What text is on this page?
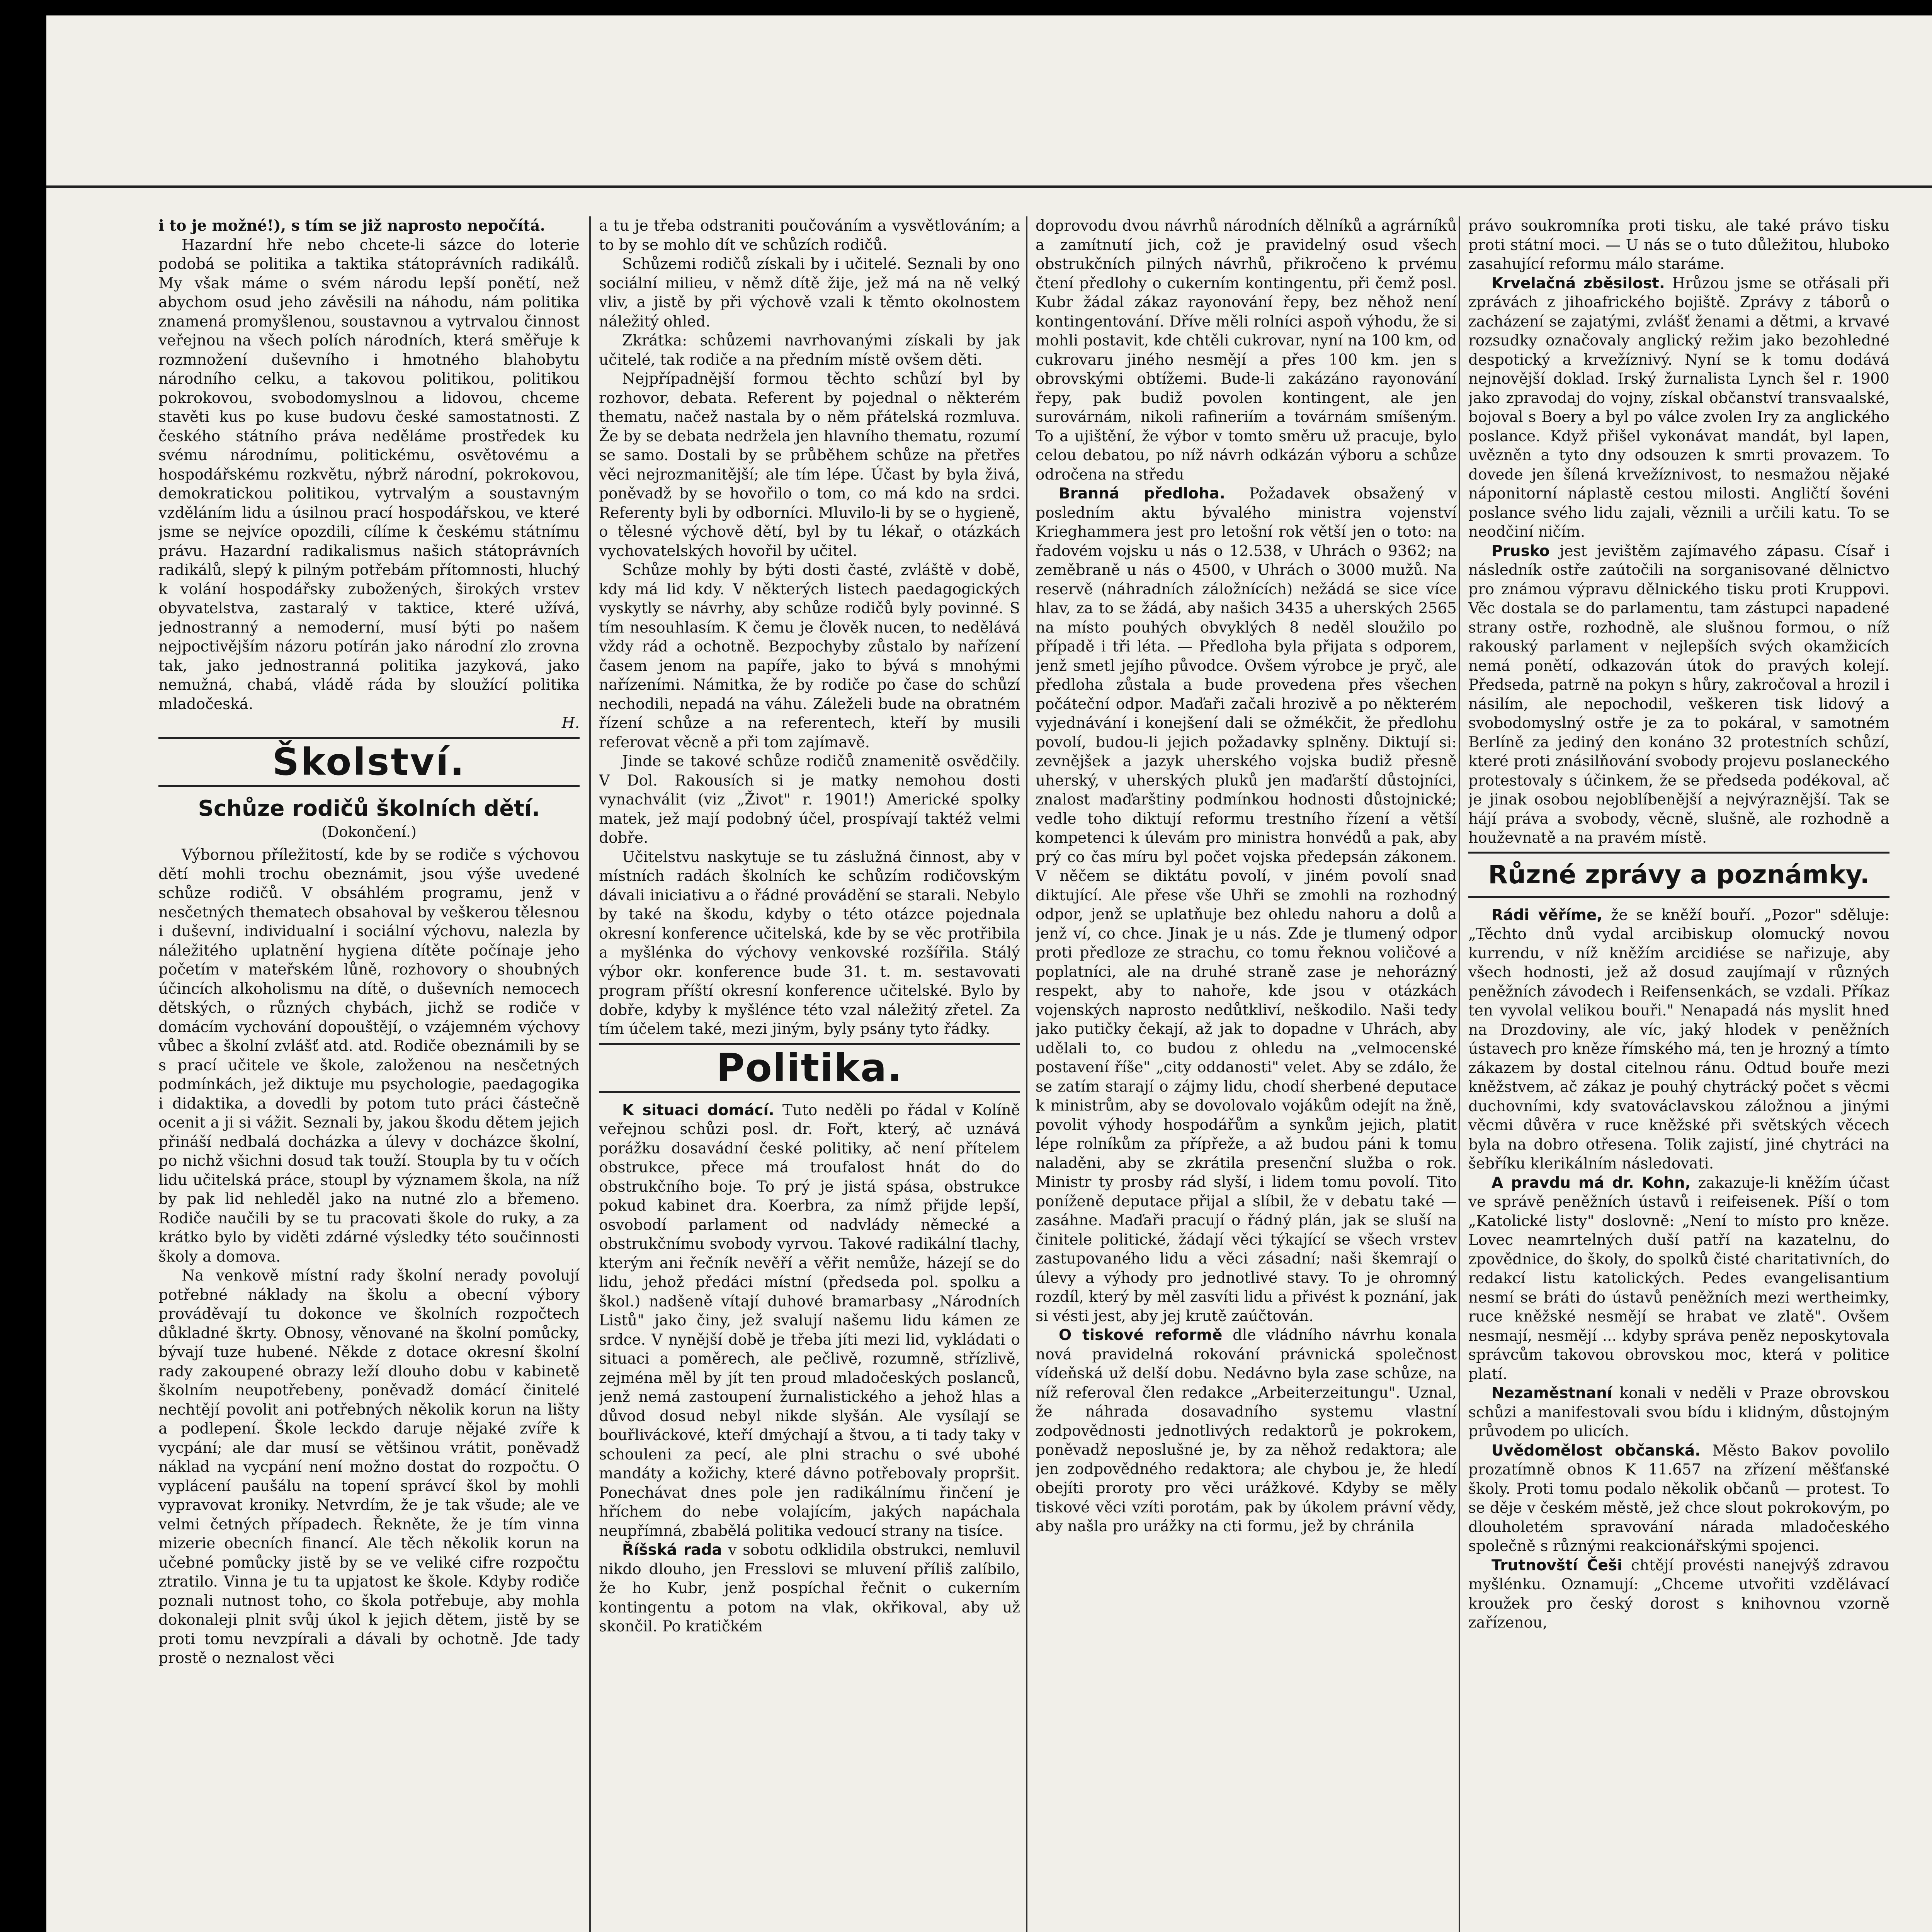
i to je možné!), s tím se již naprosto nepočítá.

Hazardní hře nebo chcete-li sázce do loterie podobá se politika a taktika státoprávních radikálů. My však máme o svém národu lepší ponětí, než abychom osud jeho závěsili na náhodu, nám politika znamená promyšlenou, soustavnou a vytrvalou činnost veřejnou na všech polích národních, která směřuje k rozmnožení duševního i hmotného blahobytu národního celku, a takovou politikou, politikou pokrokovou, svobodomyslnou a lidovou, chceme stavěti kus po kuse budovu české samostatnosti. Z českého státního práva neděláme prostředek ku svému národnímu, politickému, osvětovému a hospodářskému rozkvětu, nýbrž národní, pokrokovou, demokratickou politikou, vytrvalým a soustavným vzděláním lidu a úsilnou prací hospodářskou, ve které jsme se nejvíce opozdili, cílíme k českému státnímu právu. Hazardní radikalismus našich státoprávních radikálů, slepý k pilným potřebám přítomnosti, hluchý k volání hospodářsky zubožených, širokých vrstev obyvatelstva, zastaralý v taktice, které užívá, jednostranný a nemoderní, musí býti po našem nejpoctivějším názoru potírán jako národní zlo zrovna tak, jako jednostranná politika jazyková, jako nemužná, chabá, vládě ráda by sloužící politika mladočeská.

H.

Školství.
Schůze rodičů školních dětí.
(Dokončení.)

Výbornou příležitostí, kde by se rodiče s výchovou dětí mohli trochu obeznámit, jsou výše uvedené schůze rodičů. V obsáhlém programu, jenž v nesčetných thematech obsahoval by veškerou tělesnou i duševní, individualní i sociální výchovu, nalezla by náležitého uplatnění hygiena dítěte počínaje jeho početím v mateřském lůně, rozhovory o shoubných účincích alkoholismu na dítě, o duševních nemocech dětských, o různých chybách, jichž se rodiče v domácím vychování dopouštějí, o vzájemném výchovy vůbec a školní zvlášť atd. atd. Rodiče obeznámili by se s prací učitele ve škole, založenou na nesčetných podmínkách, jež diktuje mu psychologie, paedagogika i didaktika, a dovedli by potom tuto práci částečně ocenit a ji si vážit. Seznali by, jakou škodu dětem jejich přináší nedbalá docházka a úlevy v docházce školní, po nichž všichni dosud tak touží. Stoupla by tu v očích lidu učitelská práce, stoupl by významem škola, na níž by pak lid nehleděl jako na nutné zlo a břemeno. Rodiče naučili by se tu pracovati škole do ruky, a za krátko bylo by viděti zdárné výsledky této součinnosti školy a domova.

Na venkově místní rady školní nerady povolují potřebné náklady na školu a obecní výbory prováděvají tu dokonce ve školních rozpočtech důkladné škrty. Obnosy, věnované na školní pomůcky, bývají tuze hubené. Někde z dotace okresní školní rady zakoupené obrazy leží dlouho dobu v kabinetě školním neupotřebeny, poněvadž domácí činitelé nechtějí povolit ani potřebných několik korun na lišty a podlepení. Škole leckdo daruje nějaké zvíře k vycpání; ale dar musí se většinou vrátit, poněvadž náklad na vycpání není možno dostat do rozpočtu. O vyplácení paušálu na topení správcí škol by mohli vypravovat kroniky. Netvrdím, že je tak všude; ale ve velmi četných případech. Řekněte, že je tím vinna mizerie obecních financí. Ale těch několik korun na učebné pomůcky jistě by se ve veliké cifre rozpočtu ztratilo. Vinna je tu ta upjatost ke škole. Kdyby rodiče poznali nutnost toho, co škola potřebuje, aby mohla dokonaleji plnit svůj úkol k jejich dětem, jistě by se proti tomu nevzpírali a dávali by ochotně. Jde tady prostě o neznalost věci

a tu je třeba odstraniti poučováním a vysvětlováním; a to by se mohlo dít ve schůzích rodičů.

Schůzemi rodičů získali by i učitelé. Seznali by ono sociální milieu, v němž dítě žije, jež má na ně velký vliv, a jistě by při výchově vzali k těmto okolnostem náležitý ohled.

Zkrátka: schůzemi navrhovanými získali by jak učitelé, tak rodiče a na předním místě ovšem děti.

Nejpřípadnější formou těchto schůzí byl by rozhovor, debata. Referent by pojednal o některém thematu, načež nastala by o něm přátelská rozmluva. Že by se debata nedržela jen hlavního thematu, rozumí se samo. Dostali by se průběhem schůze na přetřes věci nejrozmanitější; ale tím lépe. Účast by byla živá, poněvadž by se hovořilo o tom, co má kdo na srdci. Referenty byli by odborníci. Mluvilo-li by se o hygieně, o tělesné výchově dětí, byl by tu lékař, o otázkách vychovatelských hovořil by učitel.

Schůze mohly by býti dosti časté, zvláště v době, kdy má lid kdy. V některých listech paedagogických vyskytly se návrhy, aby schůze rodičů byly povinné. S tím nesouhlasím. K čemu je člověk nucen, to nedělává vždy rád a ochotně. Bezpochyby zůstalo by nařízení časem jenom na papíře, jako to bývá s mnohými nařízeními. Námitka, že by rodiče po čase do schůzí nechodili, nepadá na váhu. Záleželi bude na obratném řízení schůze a na referentech, kteří by musili referovat věcně a při tom zajímavě.

Jinde se takové schůze rodičů znamenitě osvědčily. V Dol. Rakousích si je matky nemohou dosti vynachválit (viz „Život" r. 1901!) Americké spolky matek, jež mají podobný účel, prospívají taktéž velmi dobře.

Učitelstvu naskytuje se tu záslužná činnost, aby v místních radách školních ke schůzím rodičovským dávali iniciativu a o řádné provádění se starali. Nebylo by také na škodu, kdyby o této otázce pojednala okresní konference učitelská, kde by se věc protřibila a myšlénka do výchovy venkovské rozšířila. Stálý výbor okr. konference bude 31. t. m. sestavovati program příští okresní konference učitelské. Bylo by dobře, kdyby k myšlénce této vzal náležitý zřetel. Za tím účelem také, mezi jiným, byly psány tyto řádky.

Politika.

K situaci domácí. Tuto neděli po řádal v Kolíně veřejnou schůzi posl. dr. Fořt, který, ač uznává porážku dosavádní české politiky, ač není přítelem obstrukce, přece má troufalost hnát do do obstrukčního boje. To prý je jistá spása, obstrukce pokud kabinet dra. Koerbra, za nímž přijde lepší, osvobodí parlament od nadvlády německé a obstrukčnímu svobody vyrvou. Takové radikální tlachy, kterým ani řečník nevěří a věřit nemůže, házejí se do lidu, jehož předáci místní (předseda pol. spolku a škol.) nadšeně vítají duhové bramarbasy „Národních Listů" jako činy, jež svalují našemu lidu kámen ze srdce. V nynější době je třeba jíti mezi lid, vykládati o situaci a poměrech, ale pečlivě, rozumně, střízlivě, zejména měl by jít ten proud mladočeských poslanců, jenž nemá zastoupení žurnalistického a jehož hlas a důvod dosud nebyl nikde slyšán. Ale vysílají se bouřliváckové, kteří dmýchají a štvou, a ti tady taky v schouleni za pecí, ale plni strachu o své ubohé mandáty a kožichy, které dávno potřebovaly propršit. Ponechávat dnes pole jen radikálnímu řinčení je hříchem do nebe volajícím, jakých napáchala neupřímná, zbabělá politika vedoucí strany na tisíce.

Říšská rada v sobotu odklidila obstrukci, nemluvil nikdo dlouho, jen Fresslovi se mluvení příliš zalíbilo, že ho Kubr, jenž pospíchal řečnit o cukerním kontingentu a potom na vlak, okřikoval, aby už skončil. Po kratičkém

doprovodu dvou návrhů národních dělníků a agrárníků a zamítnutí jich, což je pravidelný osud všech obstrukčních pilných návrhů, přikročeno k prvému čtení předlohy o cukerním kontingentu, při čemž posl. Kubr žádal zákaz rayonování řepy, bez něhož není kontingentování. Dříve měli rolníci aspoň výhodu, že si mohli postavit, kde chtěli cukrovar, nyní na 100 km, od cukrovaru jiného nesmějí a přes 100 km. jen s obrovskými obtížemi. Bude-li zakázáno rayonování řepy, pak budiž povolen kontingent, ale jen surovárnám, nikoli rafineriím a továrnám smíšeným. To a ujištění, že výbor v tomto směru už pracuje, bylo celou debatou, po níž návrh odkázán výboru a schůze odročena na středu

Branná předloha. Požadavek obsažený v posledním aktu bývalého ministra vojenství Krieghammera jest pro letošní rok větší jen o toto: na řadovém vojsku u nás o 12.538, v Uhrách o 9362; na zeměbraně u nás o 4500, v Uhrách o 3000 mužů. Na reservě (náhradních záložnících) nežádá se sice více hlav, za to se žádá, aby našich 3435 a uherských 2565 na místo pouhých obvyklých 8 neděl sloužilo po případě i tři léta. — Předloha byla přijata s odporem, jenž smetl jejího původce. Ovšem výrobce je pryč, ale předloha zůstala a bude provedena přes všechen počáteční odpor. Maďaři začali hrozivě a po některém vyjednávání i konejšení dali se ožmékčit, že předlohu povolí, budou-li jejich požadavky splněny. Diktují si: zevnějšek a jazyk uherského vojska budiž přesně uherský, v uherských pluků jen maďarští důstojníci, znalost maďarštiny podmínkou hodnosti důstojnické; vedle toho diktují reformu trestního řízení a větší kompetenci k úlevám pro ministra honvédů a pak, aby prý co čas míru byl počet vojska předepsán zákonem. V něčem se diktátu povolí, v jiném povolí snad diktující. Ale přese vše Uhři se zmohli na rozhodný odpor, jenž se uplatňuje bez ohledu nahoru a dolů a jenž ví, co chce. Jinak je u nás. Zde je tlumený odpor proti předloze ze strachu, co tomu řeknou voličové a poplatníci, ale na druhé straně zase je nehorázný respekt, aby to nahoře, kde jsou v otázkách vojenských naprosto nedůtkliví, neškodilo. Naši tedy jako putičky čekají, až jak to dopadne v Uhrách, aby udělali to, co budou z ohledu na „velmocenské postavení říše" „city oddanosti" velet. Aby se zdálo, že se zatím starají o zájmy lidu, chodí sherbené deputace k ministrům, aby se dovolovalo vojákům odejít na žně, povolit výhody hospodářům a synkům jejich, platit lépe rolníkům za přípřeže, a až budou páni k tomu naladěni, aby se zkrátila presenční služba o rok. Ministr ty prosby rád slyší, i lidem tomu povolí. Tito poníženě deputace přijal a slíbil, že v debatu také — zasáhne. Maďaři pracují o řádný plán, jak se sluší na činitele politické, žádají věci týkající se všech vrstev zastupovaného lidu a věci zásadní; naši škemrají o úlevy a výhody pro jednotlivé stavy. To je ohromný rozdíl, který by měl zasvíti lidu a přivést k poznání, jak si vésti jest, aby jej krutě zaúčtován.

O tiskové reformě dle vládního návrhu konala nová pravidelná rokování právnická společnost vídeňská už delší dobu. Nedávno byla zase schůze, na níž referoval člen redakce „Arbeiterzeitungu". Uznal, že náhrada dosavadního systemu vlastní zodpovědnosti jednotlivých redaktorů je pokrokem, poněvadž neposlušné je, by za něhož redaktora; ale jen zodpovědného redaktora; ale chybou je, že hledí obejíti proroty pro věci urážkové. Kdyby se měly tiskové věci vzíti porotám, pak by úkolem právní vědy, aby našla pro urážky na cti formu, jež by chránila

právo soukromníka proti tisku, ale také právo tisku proti státní moci. — U nás se o tuto důležitou, hluboko zasahující reformu málo starámе.

Krvelačná zběsilost. Hrůzou jsme se otřásali při zprávách z jihoafrického bojiště. Zprávy z táborů o zacházení se zajatými, zvlášť ženami a dětmi, a krvavé rozsudky označovaly anglický režim jako bezohledné despotický a krvežíznivý. Nyní se k tomu dodává nejnovější doklad. Irský žurnalista Lynch šel r. 1900 jako zpravodaj do vojny, získal občanství transvaalské, bojoval s Boery a byl po válce zvolen Iry za anglického poslance. Když přišel vykonávat mandát, byl lapen, uvězněn a tyto dny odsouzen k smrti provazem. To dovede jen šílená krvežíznivost, to nesmažou nějaké náponitorní náplastě cestou milosti. Angličtí šovéni poslance svého lidu zajali, věznili a určili katu. To se neodčiní ničím.

Prusko jest jevištěm zajímavého zápasu. Císař i následník ostře zaútočili na sorganisované dělnictvo pro známou výpravu dělnického tisku proti Kruppovi. Věc dostala se do parlamentu, tam zástupci napadené strany ostře, rozhodně, ale slušnou formou, o níž rakouský parlament v nejlepších svých okamžicích nemá ponětí, odkazován útok do pravých kolejí. Předseda, patrně na pokyn s hůry, zakročoval a hrozil i násilím, ale nepochodil, veškeren tisk lidový a svobodomyslný ostře je za to pokáral, v samotném Berlíně za jediný den konáno 32 protestních schůzí, které proti znásilňování svobody projevu poslaneckého protestovaly s účinkem, že se předseda podékoval, ač je jinak osobou nejoblíbenější a nejvýraznější. Tak se hájí práva a svobody, věcně, slušně, ale rozhodně a houževnatě a na pravém místě.

Různé zprávy a poznámky.

Rádi věříme, že se kněží bouří. „Pozor" sděluje: „Těchto dnů vydal arcibiskup olomucký novou kurrendu, v níž kněžím arcidiése se nařizuje, aby všech hodnosti, jež až dosud zaujímají v různých peněžních závodech i Reifensenkách, se vzdali. Příkaz ten vyvolal velikou bouři." Nenapadá nás myslit hned na Drozdoviny, ale víc, jaký hlodek v peněžních ústavech pro kněze římského má, ten je hrozný a tímto zákazem by dostal citelnou ránu. Odtud bouře mezi kněžstvem, ač zákaz je pouhý chytrácký počet s věcmi duchovními, kdy svatováclavskou záložnou a jinými věcmi důvěra v ruce kněžské při světských věcech byla na dobro otřesena. Tolik zajistí, jiné chytráci na šebříku klerikálním následovati.

A pravdu má dr. Kohn, zakazuje-li kněžím účast ve správě peněžních ústavů i reifeisenek. Píší o tom „Katolické listy" doslovně: „Není to místo pro kněze. Lovec neamrtelných duší patří na kazatelnu, do zpovědnice, do školy, do spolků čisté charitativních, do redakcí listu katolických. Pedes evangelisantium nesmí se bráti do ústavů peněžních mezi wertheimky, ruce kněžské nesmějí se hrabat ve zlatě". Ovšem nesmají, nesmějí ... kdyby správa peněz neposkytovala správcům takovou obrovskou moc, která v politice platí.

Nezaměstnaní konali v neděli v Praze obrovskou schůzi a manifestovali svou bídu i klidným, důstojným průvodem po ulicích.

Uvědomělost občanská. Město Bakov povolilo prozatímně obnos K 11.657 na zřízení měšťanské školy. Proti tomu podalo několik občanů — protest. To se děje v českém městě, jež chce slout pokrokovým, po dlouholetém spravování nárada mladočeského společně s různými reakcionářskými spojenci.

Trutnovští Češi chtějí provésti nanejvýš zdravou myšlénku. Oznamují: „Chceme utvořiti vzdělávací kroužek pro český dorost s knihovnou vzorně zařízenou,
